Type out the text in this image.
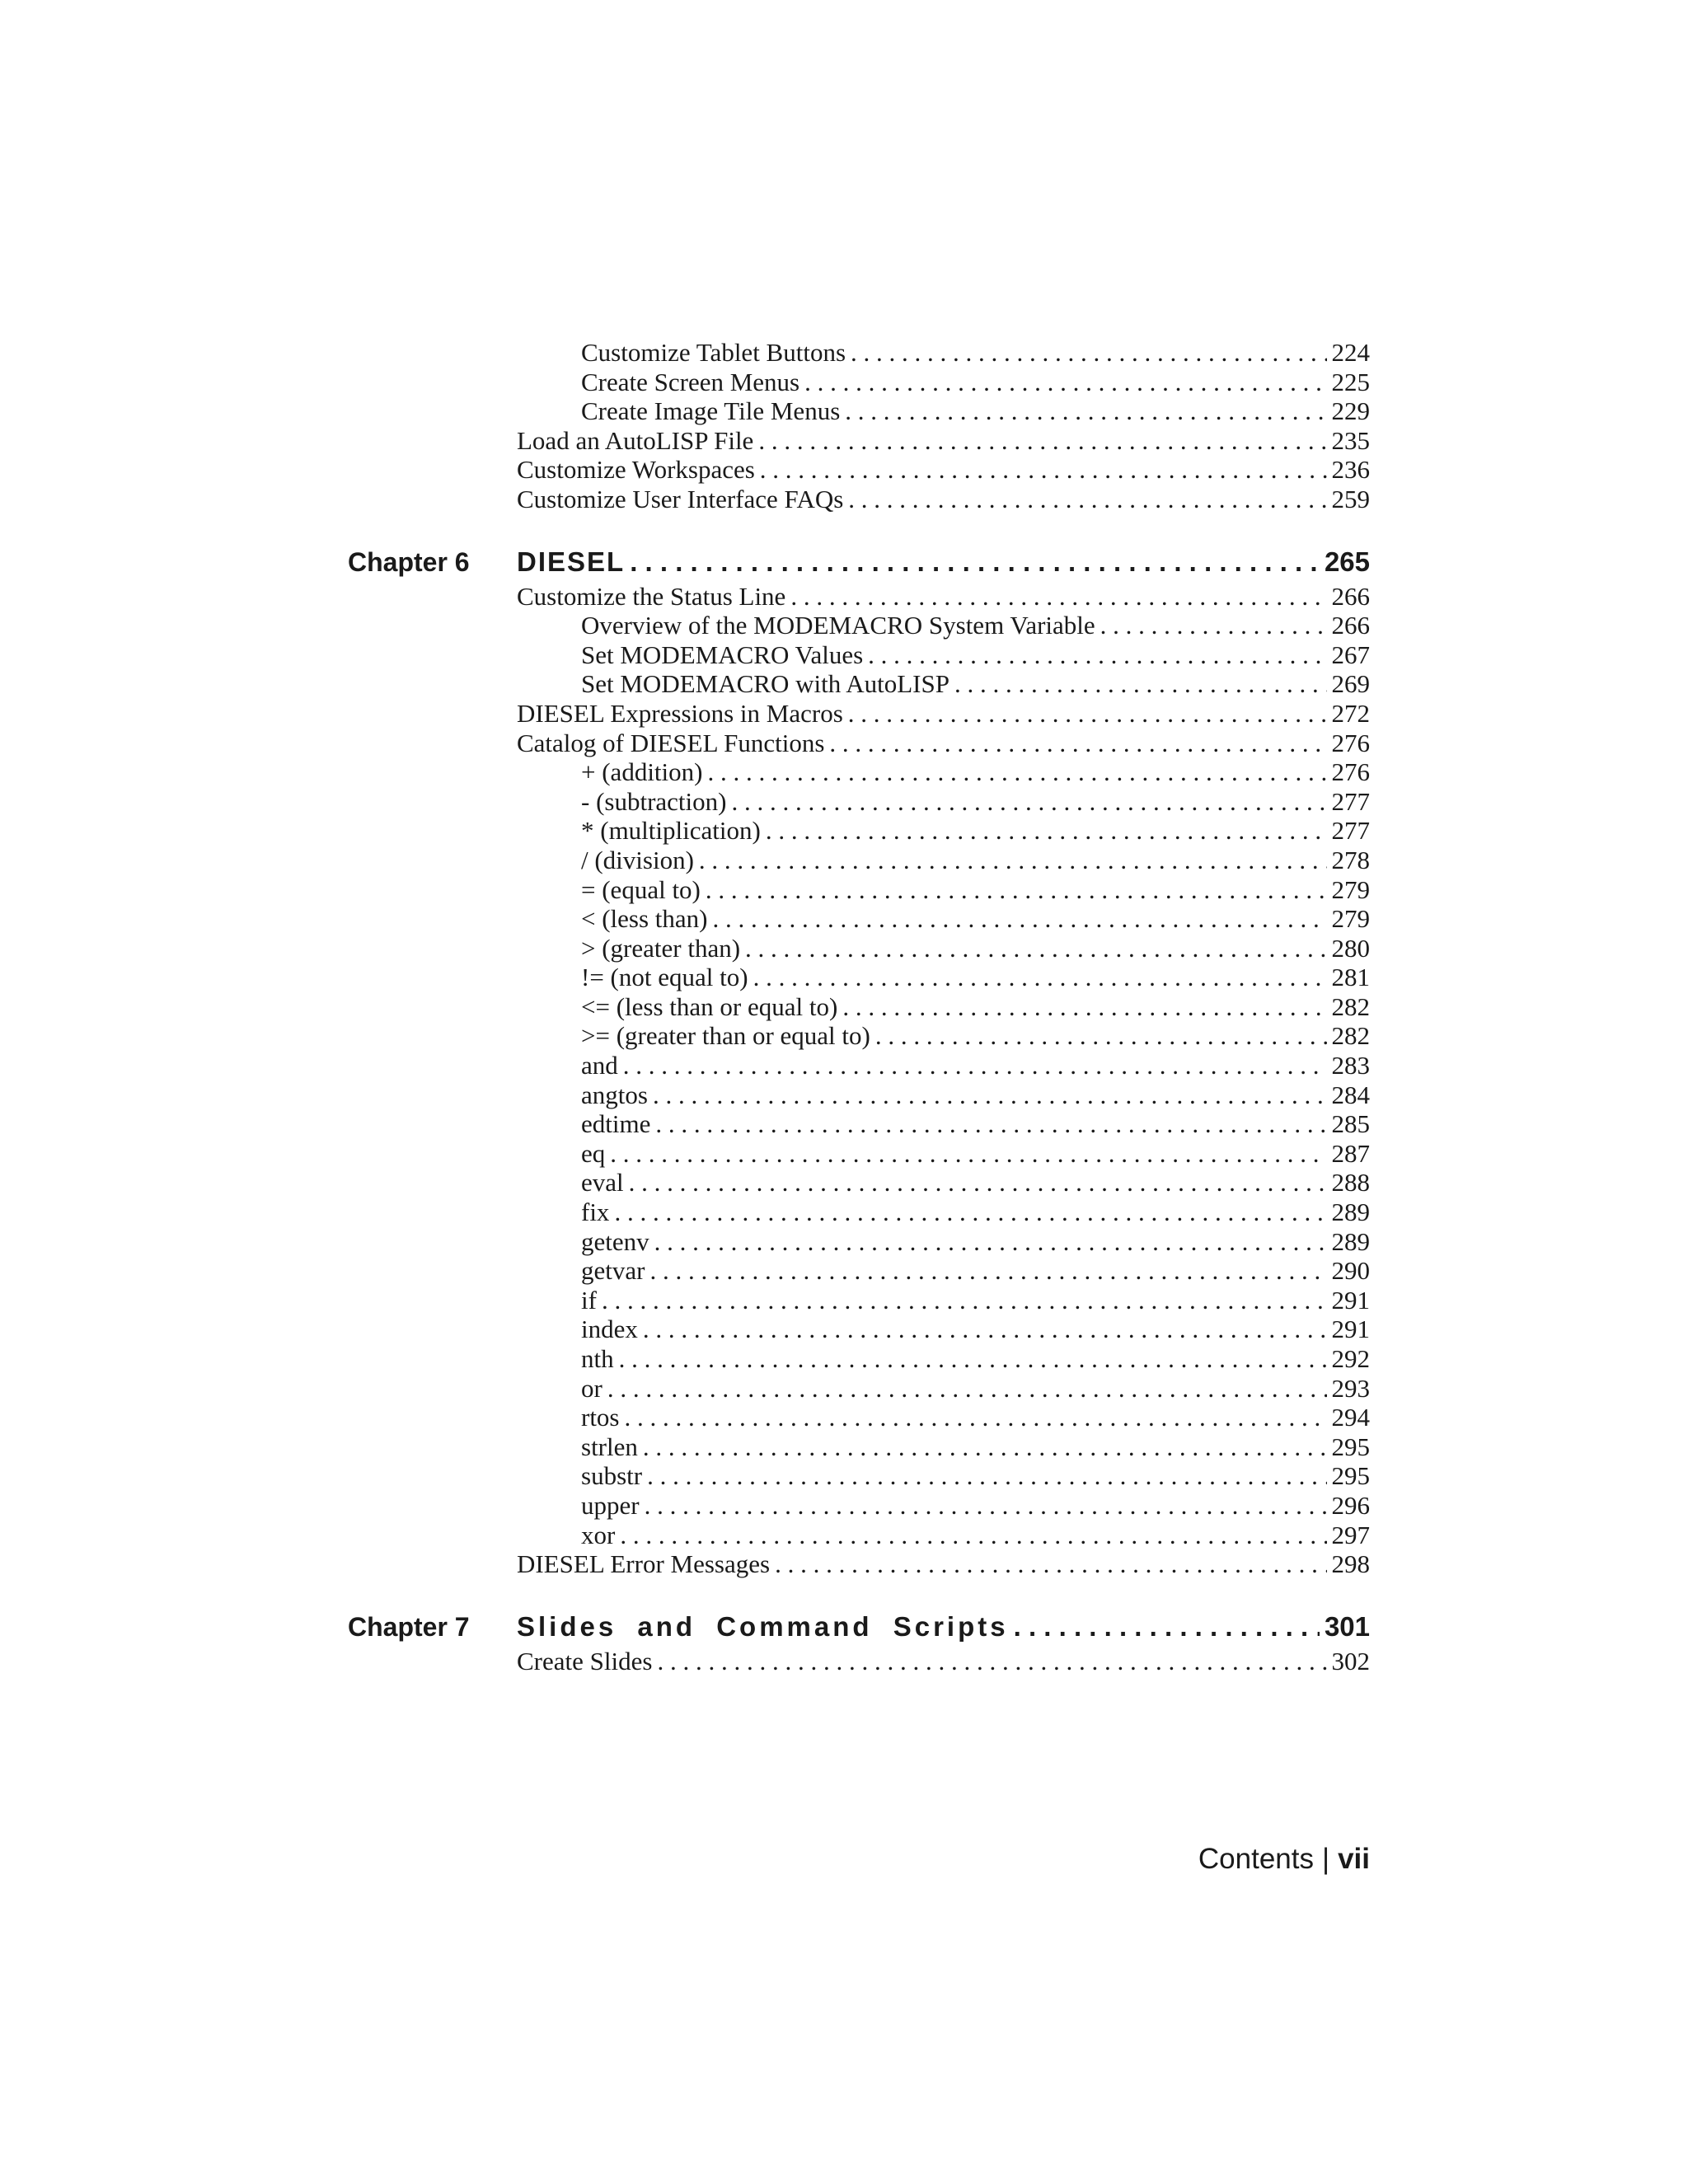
Customize Tablet Buttons . . .	224
Create Screen Menus . . .	225
Create Image Tile Menus . . .	229
Load an AutoLISP File . . .	235
Customize Workspaces . . .	236
Customize User Interface FAQs . . .	259
Chapter 6 DIESEL . . .	265
Customize the Status Line . . .	266
Overview of the MODEMACRO System Variable . . .	266
Set MODEMACRO Values . . .	267
Set MODEMACRO with AutoLISP . . .	269
DIESEL Expressions in Macros . . .	272
Catalog of DIESEL Functions . . .	276
+ (addition) . . .	276
- (subtraction) . . .	277
* (multiplication) . . .	277
/ (division) . . .	278
= (equal to) . . .	279
< (less than) . . .	279
> (greater than) . . .	280
!= (not equal to) . . .	281
<= (less than or equal to) . . .	282
>= (greater than or equal to) . . .	282
and . . .	283
angtos . . .	284
edtime . . .	285
eq . . .	287
eval . . .	288
fix . . .	289
getenv . . .	289
getvar . . .	290
if . . .	291
index . . .	291
nth . . .	292
or . . .	293
rtos . . .	294
strlen . . .	295
substr . . .	295
upper . . .	296
xor . . .	297
DIESEL Error Messages . . .	298
Chapter 7 Slides and Command Scripts . . .	301
Create Slides . . .	302
Contents | vii
